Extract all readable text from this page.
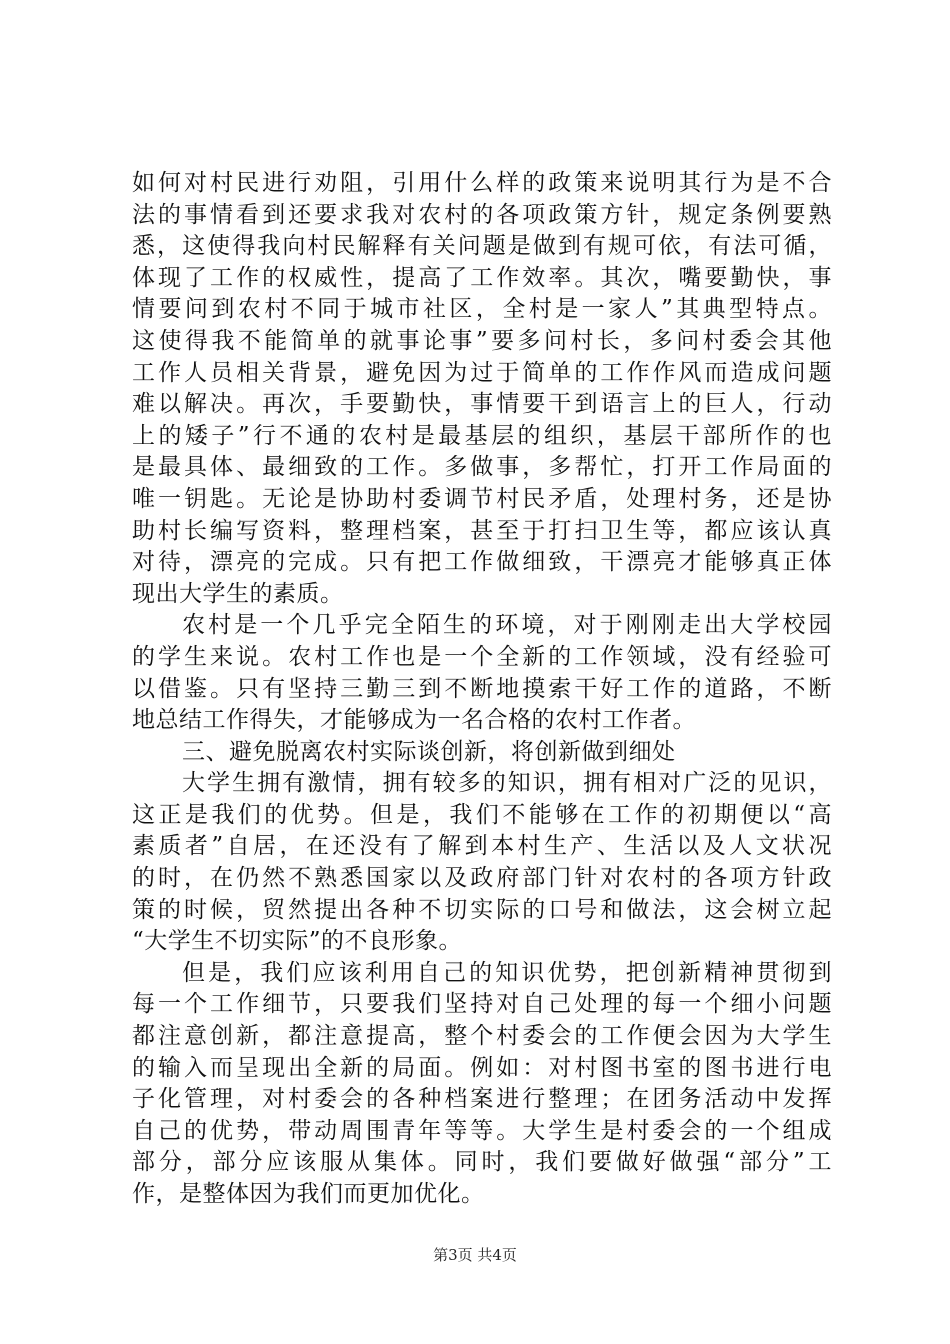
如何对村民进行劝阻，引用什么样的政策来说明其行为是不合
法的事情看到还要求我对农村的各项政策方针，规定条例要熟
悉，这使得我向村民解释有关问题是做到有规可依，有法可循，
体现了工作的权威性，提高了工作效率。其次，嘴要勤快，事
情要问到农村不同于城市社区，全村是一家人”其典型特点。
这使得我不能简单的就事论事”要多问村长，多问村委会其他
工作人员相关背景，避免因为过于简单的工作作风而造成问题
难以解决。再次，手要勤快，事情要干到语言上的巨人，行动
上的矮子”行不通的农村是最基层的组织，基层干部所作的也
是最具体、最细致的工作。多做事，多帮忙，打开工作局面的
唯一钥匙。无论是协助村委调节村民矛盾，处理村务，还是协
助村长编写资料，整理档案，甚至于打扫卫生等，都应该认真
对待，漂亮的完成。只有把工作做细致，干漂亮才能够真正体
现出大学生的素质。
农村是一个几乎完全陌生的环境，对于刚刚走出大学校园
的学生来说。农村工作也是一个全新的工作领域，没有经验可
以借鉴。只有坚持三勤三到不断地摸索干好工作的道路，不断
地总结工作得失，才能够成为一名合格的农村工作者。
三、避免脱离农村实际谈创新，将创新做到细处
大学生拥有激情，拥有较多的知识，拥有相对广泛的见识，
这正是我们的优势。但是，我们不能够在工作的初期便以“高
素质者”自居，在还没有了解到本村生产、生活以及人文状况
的时，在仍然不熟悉国家以及政府部门针对农村的各项方针政
策的时候，贸然提出各种不切实际的口号和做法，这会树立起
“大学生不切实际”的不良形象。
但是，我们应该利用自己的知识优势，把创新精神贯彻到
每一个工作细节，只要我们坚持对自己处理的每一个细小问题
都注意创新，都注意提高，整个村委会的工作便会因为大学生
的输入而呈现出全新的局面。例如：对村图书室的图书进行电
子化管理，对村委会的各种档案进行整理；在团务活动中发挥
自己的优势，带动周围青年等等。大学生是村委会的一个组成
部分，部分应该服从集体。同时，我们要做好做强“部分”工
作，是整体因为我们而更加优化。
第3页 共4页
